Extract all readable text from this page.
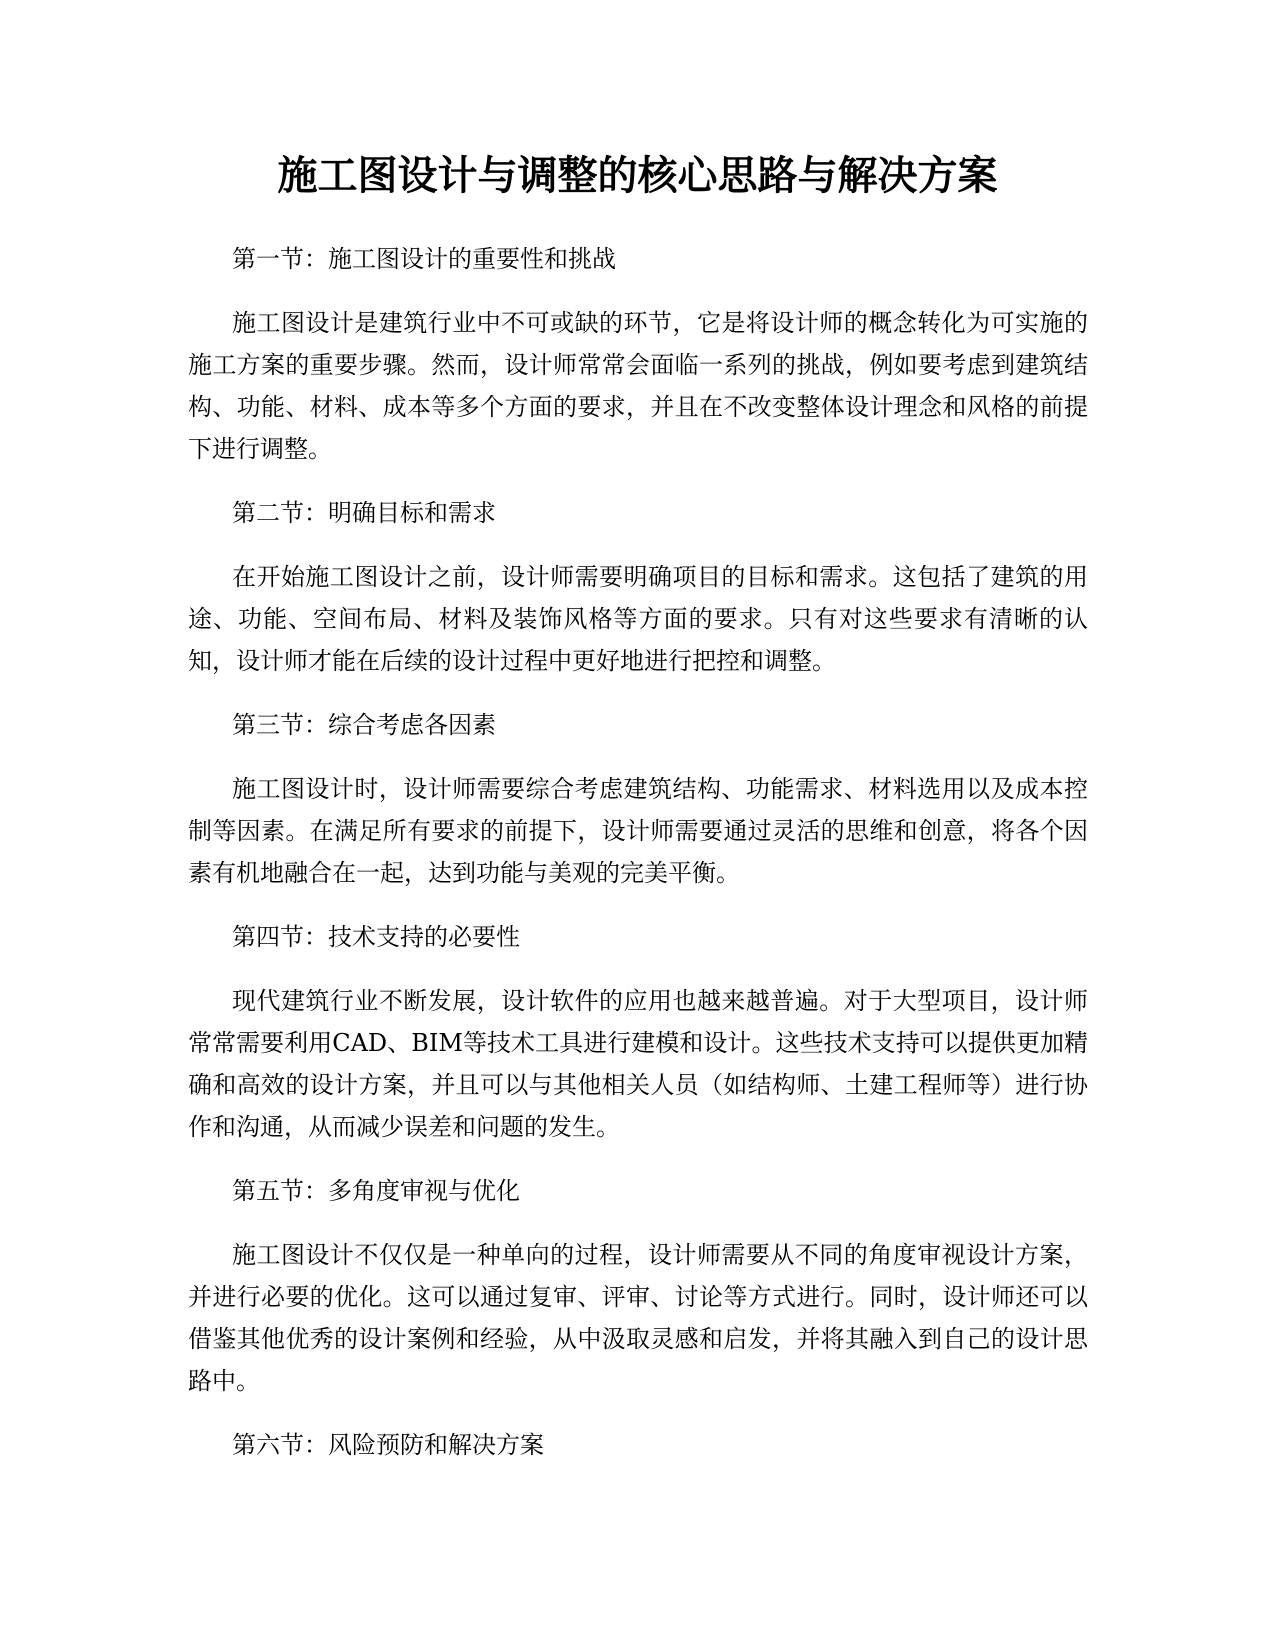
施工图设计与调整的核心思路与解决方案

第一节：施工图设计的重要性和挑战

施工图设计是建筑行业中不可或缺的环节，它是将设计师的概念转化为可实施的施工方案的重要步骤。然而，设计师常常会面临一系列的挑战，例如要考虑到建筑结构、功能、材料、成本等多个方面的要求，并且在不改变整体设计理念和风格的前提下进行调整。

第二节：明确目标和需求

在开始施工图设计之前，设计师需要明确项目的目标和需求。这包括了建筑的用途、功能、空间布局、材料及装饰风格等方面的要求。只有对这些要求有清晰的认知，设计师才能在后续的设计过程中更好地进行把控和调整。

第三节：综合考虑各因素

施工图设计时，设计师需要综合考虑建筑结构、功能需求、材料选用以及成本控制等因素。在满足所有要求的前提下，设计师需要通过灵活的思维和创意，将各个因素有机地融合在一起，达到功能与美观的完美平衡。

第四节：技术支持的必要性

现代建筑行业不断发展，设计软件的应用也越来越普遍。对于大型项目，设计师常常需要利用CAD、BIM等技术工具进行建模和设计。这些技术支持可以提供更加精确和高效的设计方案，并且可以与其他相关人员（如结构师、土建工程师等）进行协作和沟通，从而减少误差和问题的发生。

第五节：多角度审视与优化

施工图设计不仅仅是一种单向的过程，设计师需要从不同的角度审视设计方案，并进行必要的优化。这可以通过复审、评审、讨论等方式进行。同时，设计师还可以借鉴其他优秀的设计案例和经验，从中汲取灵感和启发，并将其融入到自己的设计思路中。

第六节：风险预防和解决方案
